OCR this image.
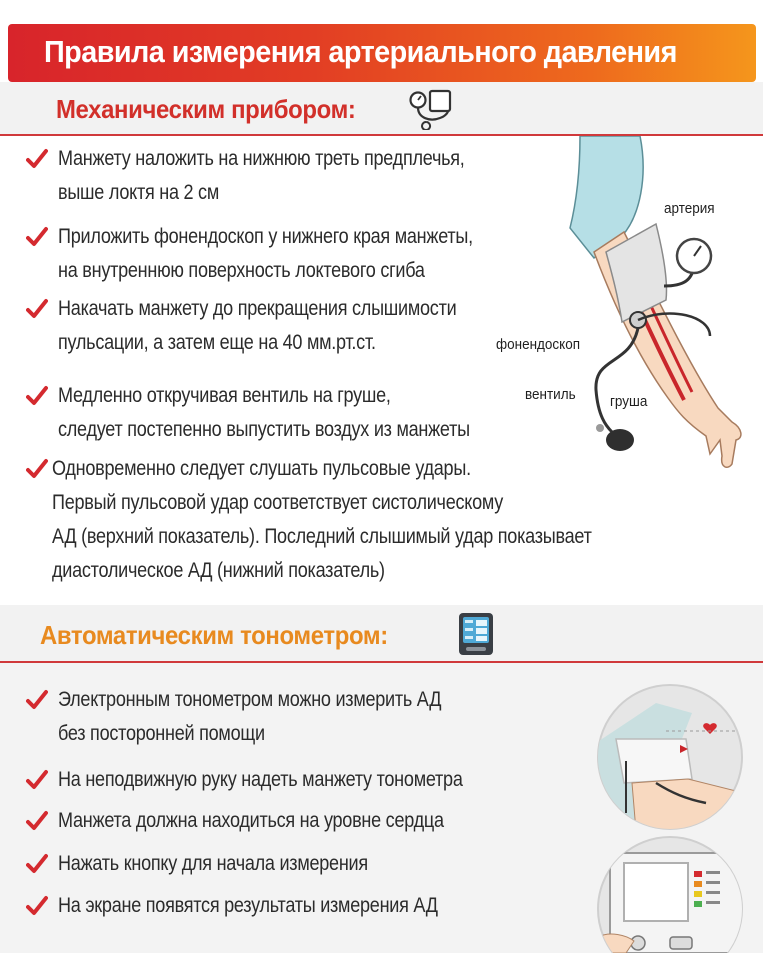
Правила измерения артериального давления
Механическим прибором:
артерия
фонендоскоп
вентиль груша
Манжету наложить на нижнюю треть предплечья,
выше локтя на 2 см
Приложить фонендоскоп у нижнего края манжеты,
на внутреннюю поверхность локтевого сгиба
Накачать манжету до прекращения слышимости
пульсации, а затем еще на 40 мм.рт.ст.
Медленно откручивая вентиль на груше,
следует постепенно выпустить воздух из манжеты
Одновременно следует слушать пульсовые удары.
Первый пульсовой удар соответствует систолическому
АД (верхний показатель). Последний слышимый удар показывает
диастолическое АД (нижний показатель)
Автоматическим тонометром:
Электронным тонометром можно измерить АД
без посторонней помощи
На неподвижную руку надеть манжету тонометра
Манжета должна находиться на уровне сердца
Нажать кнопку для начала измерения
На экране появятся результаты измерения АД
